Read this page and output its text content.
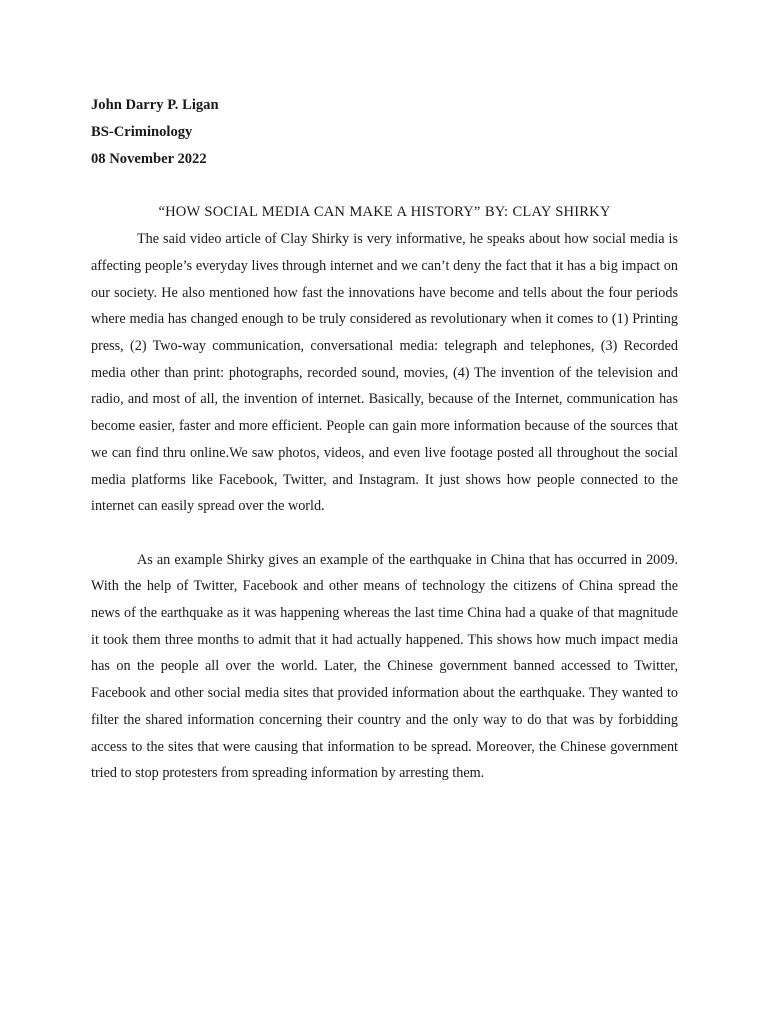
John Darry P. Ligan
BS-Criminology
08 November 2022
“HOW SOCIAL MEDIA CAN MAKE A HISTORY” BY: CLAY SHIRKY

The said video article of Clay Shirky is very informative, he speaks about how social media is affecting people’s everyday lives through internet and we can’t deny the fact that it has a big impact on our society. He also mentioned how fast the innovations have become and tells about the four periods where media has changed enough to be truly considered as revolutionary when it comes to (1) Printing press, (2) Two-way communication, conversational media: telegraph and telephones, (3) Recorded media other than print: photographs, recorded sound, movies, (4) The invention of the television and radio, and most of all, the invention of internet. Basically, because of the Internet, communication has become easier, faster and more efficient. People can gain more information because of the sources that we can find thru online.We saw photos, videos, and even live footage posted all throughout the social media platforms like Facebook, Twitter, and Instagram. It just shows how people connected to the internet can easily spread over the world.

As an example Shirky gives an example of the earthquake in China that has occurred in 2009. With the help of Twitter, Facebook and other means of technology the citizens of China spread the news of the earthquake as it was happening whereas the last time China had a quake of that magnitude it took them three months to admit that it had actually happened. This shows how much impact media has on the people all over the world. Later, the Chinese government banned accessed to Twitter, Facebook and other social media sites that provided information about the earthquake. They wanted to filter the shared information concerning their country and the only way to do that was by forbidding access to the sites that were causing that information to be spread. Moreover, the Chinese government tried to stop protesters from spreading information by arresting them.
